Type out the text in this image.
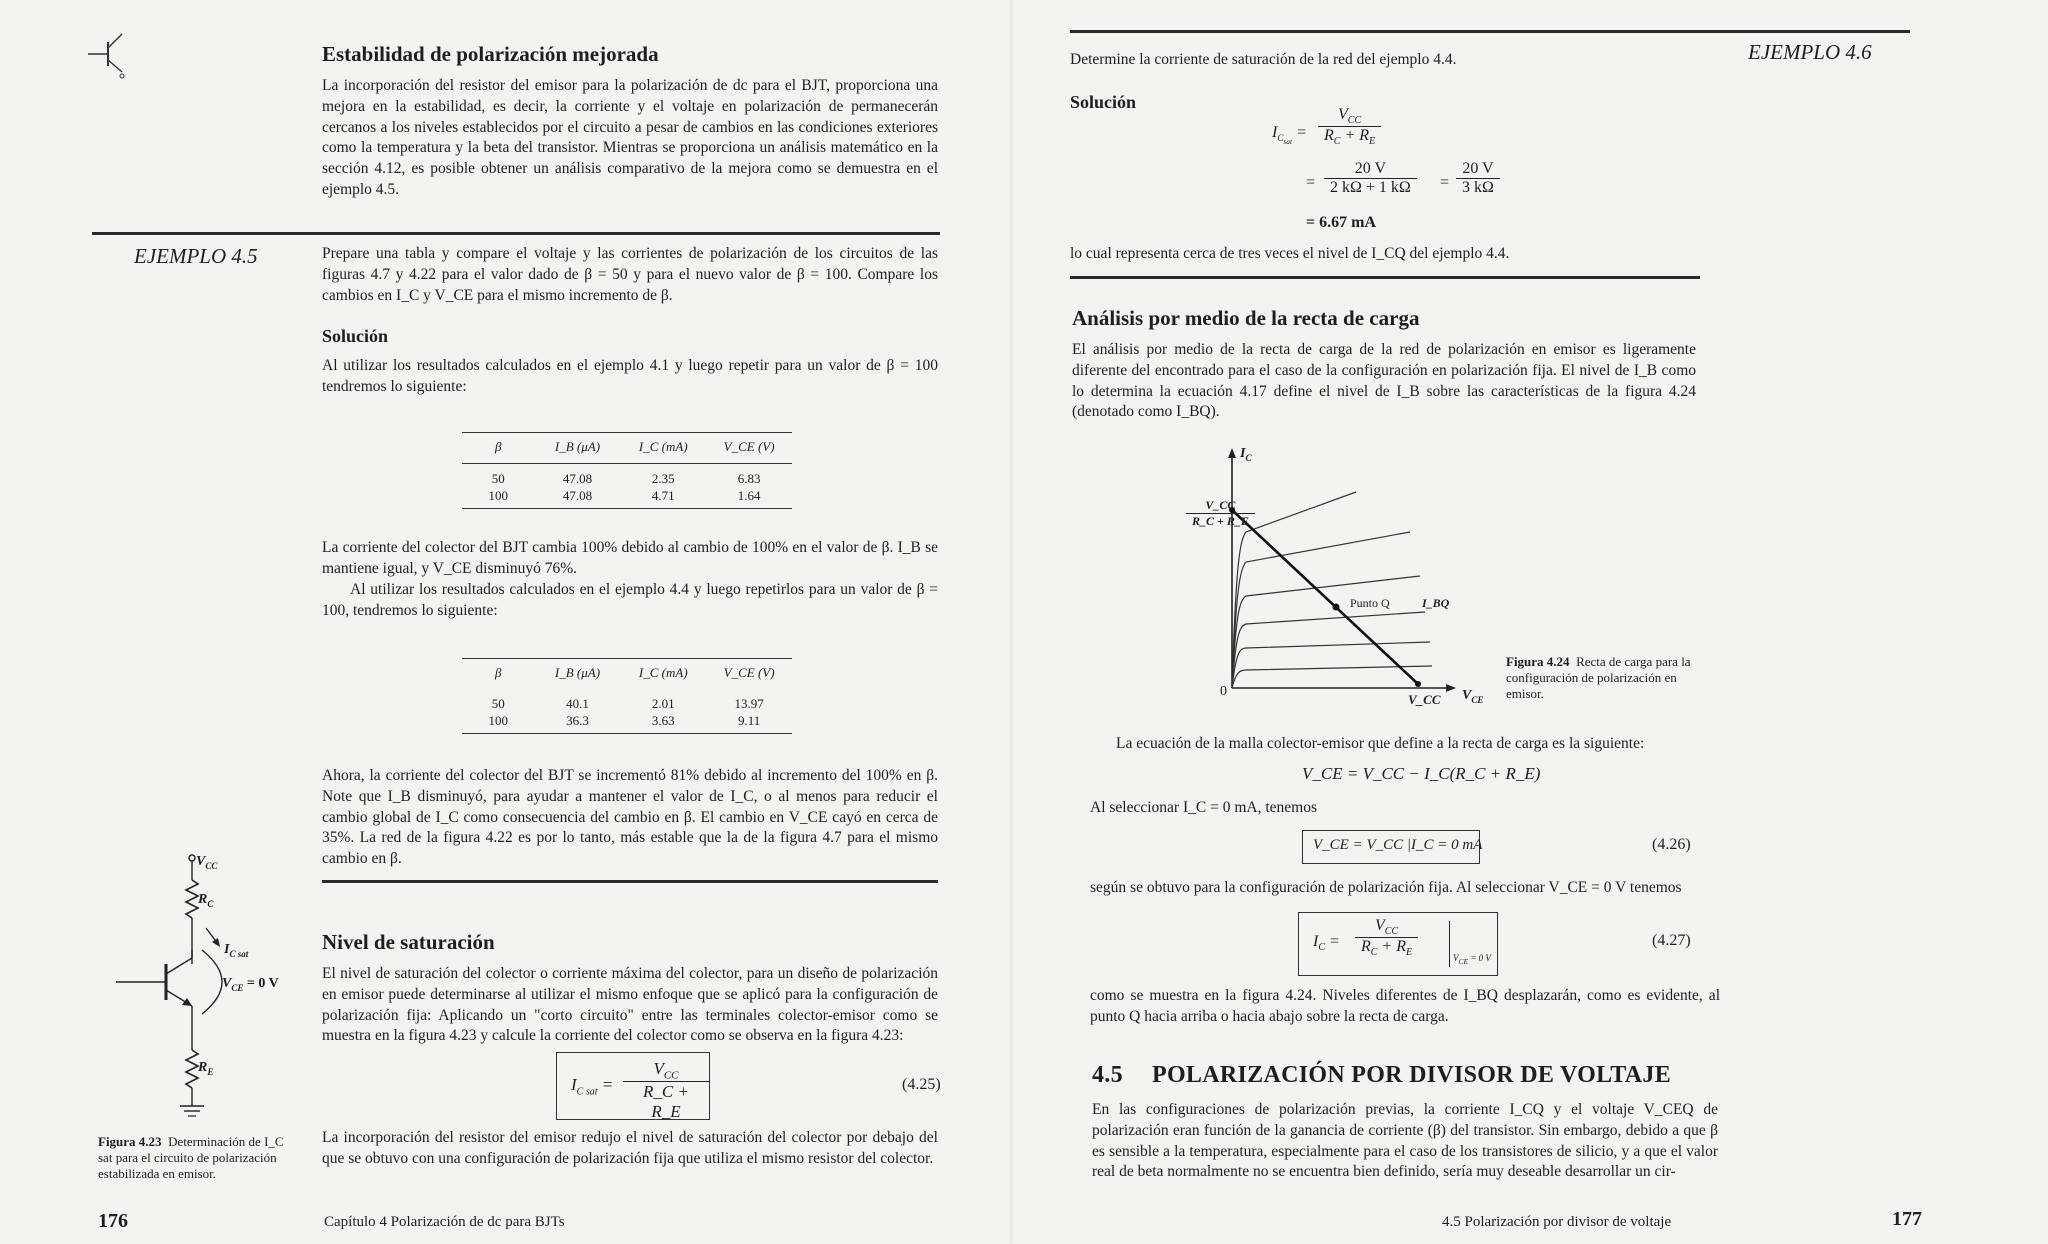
Estabilidad de polarización mejorada
La incorporación del resistor del emisor para la polarización de dc para el BJT, proporciona una mejora en la estabilidad, es decir, la corriente y el voltaje en polarización de permanecerán cercanos a los niveles establecidos por el circuito a pesar de cambios en las condiciones exteriores como la temperatura y la beta del transistor. Mientras se proporciona un análisis matemático en la sección 4.12, es posible obtener un análisis comparativo de la mejora como se demuestra en el ejemplo 4.5.
EJEMPLO 4.5	Prepare una tabla y compare el voltaje y las corrientes de polarización de los circuitos de las figuras 4.7 y 4.22 para el valor dado de β = 50 y para el nuevo valor de β = 100. Compare los cambios en I_C y V_CE para el mismo incremento de β.
Solución
Al utilizar los resultados calculados en el ejemplo 4.1 y luego repetir para un valor de β = 100 tendremos lo siguiente:
β	I_B (μA)	I_C (mA)	V_CE (V)
50	47.08	2.35	6.83
100	47.08	4.71	1.64
La corriente del colector del BJT cambia 100% debido al cambio de 100% en el valor de β. I_B se mantiene igual, y V_CE disminuyó 76%.
Al utilizar los resultados calculados en el ejemplo 4.4 y luego repetirlos para un valor de β = 100, tendremos lo siguiente:
β	I_B (μA)	I_C (mA)	V_CE (V)
50	40.1	2.01	13.97
100	36.3	3.63	9.11
Ahora, la corriente del colector del BJT se incrementó 81% debido al incremento del 100% en β. Note que I_B disminuyó, para ayudar a mantener el valor de I_C, o al menos para reducir el cambio global de I_C como consecuencia del cambio en β. El cambio en V_CE cayó en cerca de 35%. La red de la figura 4.22 es por lo tanto, más estable que la de la figura 4.7 para el mismo cambio en β.
Nivel de saturación
El nivel de saturación del colector o corriente máxima del colector, para un diseño de polarización en emisor puede determinarse al utilizar el mismo enfoque que se aplicó para la configuración de polarización fija: Aplicando un "corto circuito" entre las terminales colector-emisor como se muestra en la figura 4.23 y calcule la corriente del colector como se observa en la figura 4.23:
$I_{C sat}$ =
$V_{CC}$
R_C + R_E
(4.25)
La incorporación del resistor del emisor redujo el nivel de saturación del colector por debajo del que se obtuvo con una configuración de polarización fija que utiliza el mismo resistor del colector.
$V_{CC}$
$R_C$
$I_{C sat}$
$V_{CE} = 0$ V
$R_E$
Figura 4.23 Determinación de I_C sat para el circuito de polarización estabilizada en emisor.
176	Capítulo 4 Polarización de dc para BJTs
Determine la corriente de saturación de la red del ejemplo 4.4.	EJEMPLO 4.6
Solución
$I_{C_{sat}}$ =
$V_{CC}$
$R_C + R_E$
= $\frac{20 V}{2 k\Omega + 1 k\Omega} = \frac{20 V}{3 k\Omega}$
= 6.67 mA
lo cual representa cerca de tres veces el nivel de I_CQ del ejemplo 4.4.
Análisis por medio de la recta de carga
El análisis por medio de la recta de carga de la red de polarización en emisor es ligeramente diferente del encontrado para el caso de la configuración en polarización fija. El nivel de I_B como lo determina la ecuación 4.17 define el nivel de I_B sobre las características de la figura 4.24 (denotado como I_BQ).
$I_C$
$V_{CE}$
0
$\frac{V\_CC}{R\_C + R\_E}$
V_CC
Punto Q	I_BQ
Figura 4.24 Recta de carga para la configuración de polarización en emisor.
La ecuación de la malla colector-emisor que define a la recta de carga es la siguiente:
V_CE = V_CC − I_C(R_C + R_E)
Al seleccionar I_C = 0 mA, tenemos
V_CE = V_CC |I_C = 0 mA	(4.26)
según se obtuvo para la configuración de polarización fija. Al seleccionar V_CE = 0 V tenemos
$I_C$ =
$V_{CC}$
$R_C + R_E$	$V_{CE} = 0$ V
(4.27)
como se muestra en la figura 4.24. Niveles diferentes de I_BQ desplazarán, como es evidente, al punto Q hacia arriba o hacia abajo sobre la recta de carga.
4.5 POLARIZACIÓN POR DIVISOR DE VOLTAJE
En las configuraciones de polarización previas, la corriente I_CQ y el voltaje V_CEQ de polarización eran función de la ganancia de corriente (β) del transistor. Sin embargo, debido a que β es sensible a la temperatura, especialmente para el caso de los transistores de silicio, y a que el valor real de beta normalmente no se encuentra bien definido, sería muy deseable desarrollar un cir-
4.5 Polarización por divisor de voltaje	177
